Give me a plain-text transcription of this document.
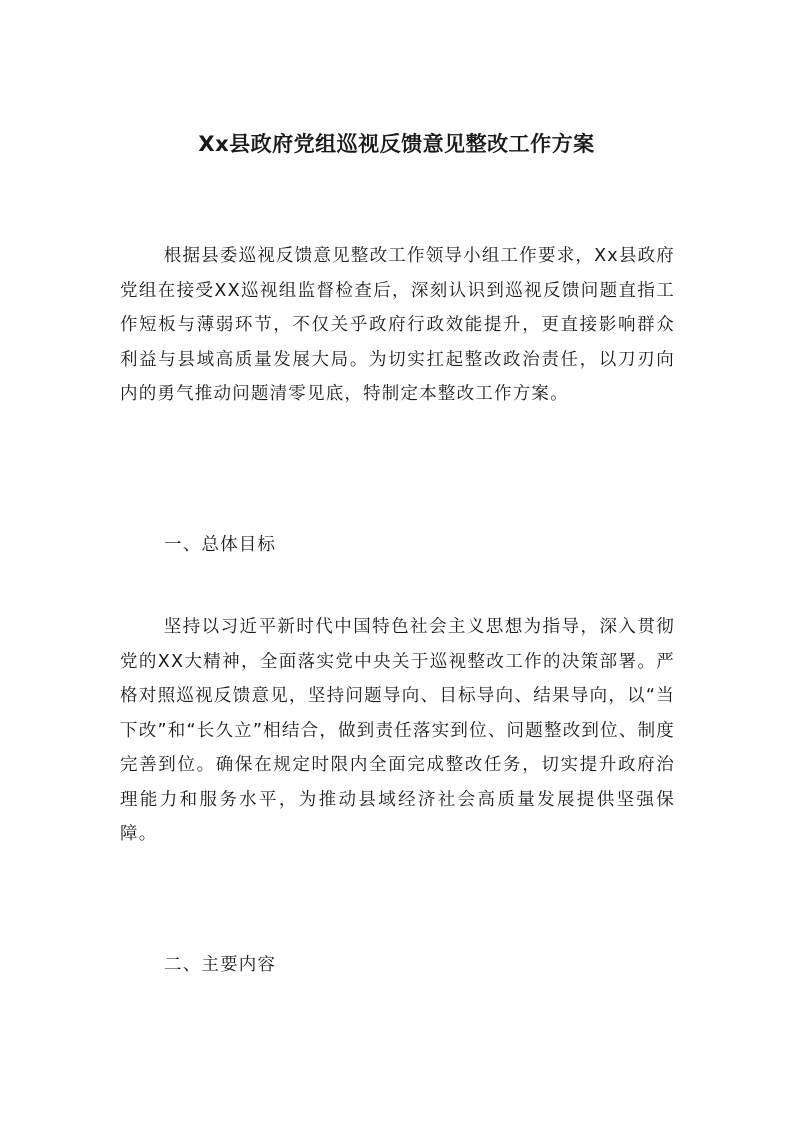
Xx县政府党组巡视反馈意见整改工作方案

根据县委巡视反馈意见整改工作领导小组工作要求，Xx县政府党组在接受XX巡视组监督检查后，深刻认识到巡视反馈问题直指工作短板与薄弱环节，不仅关乎政府行政效能提升，更直接影响群众利益与县域高质量发展大局。为切实扛起整改政治责任，以刀刃向内的勇气推动问题清零见底，特制定本整改工作方案。

一、总体目标

坚持以习近平新时代中国特色社会主义思想为指导，深入贯彻党的XX大精神，全面落实党中央关于巡视整改工作的决策部署。严格对照巡视反馈意见，坚持问题导向、目标导向、结果导向，以“当下改”和“长久立”相结合，做到责任落实到位、问题整改到位、制度完善到位。确保在规定时限内全面完成整改任务，切实提升政府治理能力和服务水平，为推动县域经济社会高质量发展提供坚强保障。

二、主要内容
